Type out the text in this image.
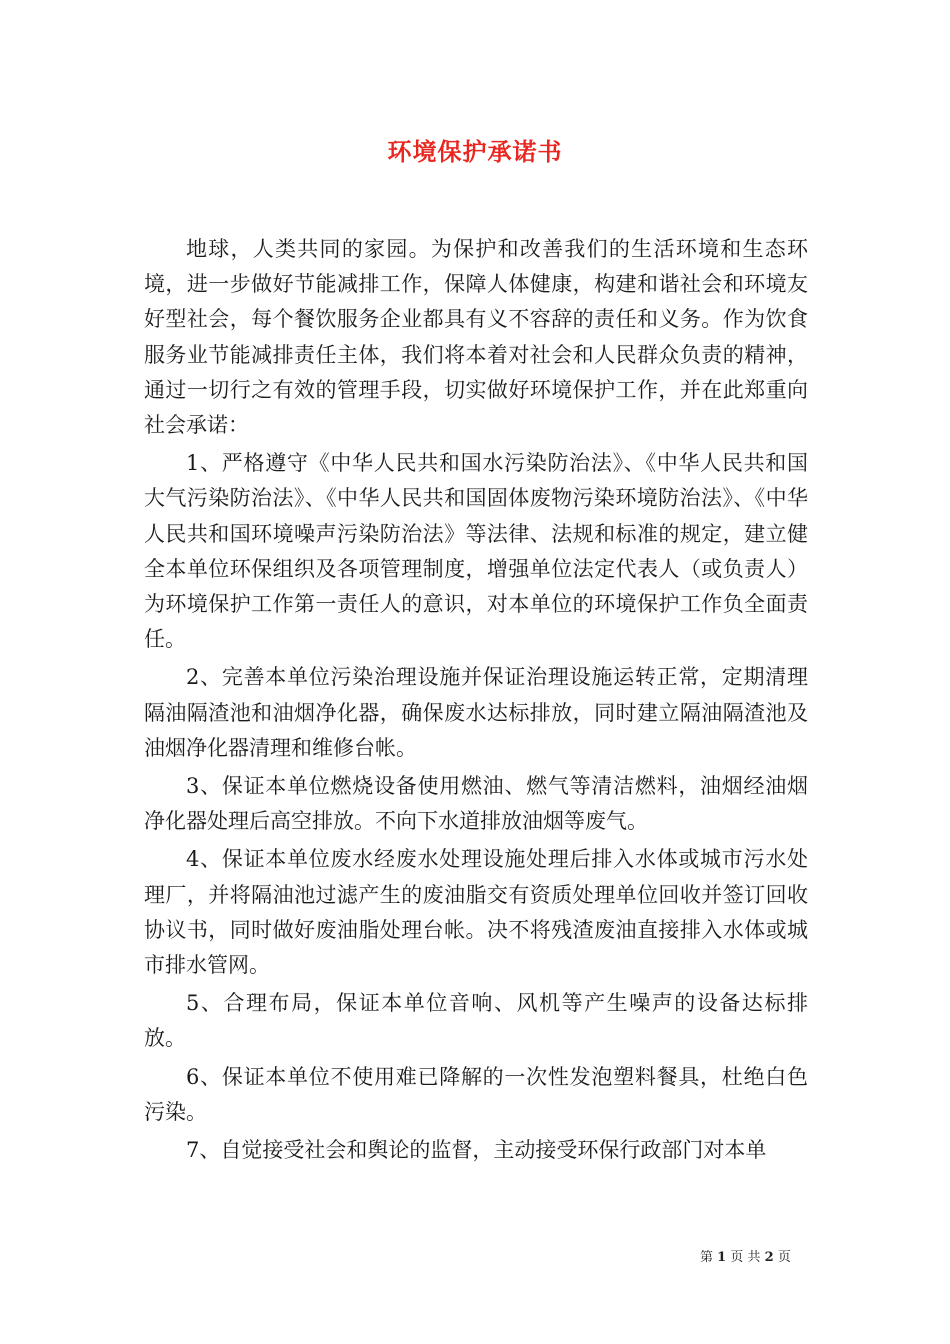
环境保护承诺书

地球，人类共同的家园。为保护和改善我们的生活环境和生态环境，进一步做好节能减排工作，保障人体健康，构建和谐社会和环境友好型社会，每个餐饮服务企业都具有义不容辞的责任和义务。作为饮食服务业节能减排责任主体，我们将本着对社会和人民群众负责的精神，通过一切行之有效的管理手段，切实做好环境保护工作，并在此郑重向社会承诺：

1、严格遵守《中华人民共和国水污染防治法》、《中华人民共和国大气污染防治法》、《中华人民共和国固体废物污染环境防治法》、《中华人民共和国环境噪声污染防治法》等法律、法规和标准的规定，建立健全本单位环保组织及各项管理制度，增强单位法定代表人（或负责人）为环境保护工作第一责任人的意识，对本单位的环境保护工作负全面责任。

2、完善本单位污染治理设施并保证治理设施运转正常，定期清理隔油隔渣池和油烟净化器，确保废水达标排放，同时建立隔油隔渣池及油烟净化器清理和维修台帐。

3、保证本单位燃烧设备使用燃油、燃气等清洁燃料，油烟经油烟净化器处理后高空排放。不向下水道排放油烟等废气。

4、保证本单位废水经废水处理设施处理后排入水体或城市污水处理厂，并将隔油池过滤产生的废油脂交有资质处理单位回收并签订回收协议书，同时做好废油脂处理台帐。决不将残渣废油直接排入水体或城市排水管网。

5、合理布局，保证本单位音响、风机等产生噪声的设备达标排放。

6、保证本单位不使用难已降解的一次性发泡塑料餐具，杜绝白色污染。

7、自觉接受社会和舆论的监督，主动接受环保行政部门对本单

第 1 页 共 2 页
